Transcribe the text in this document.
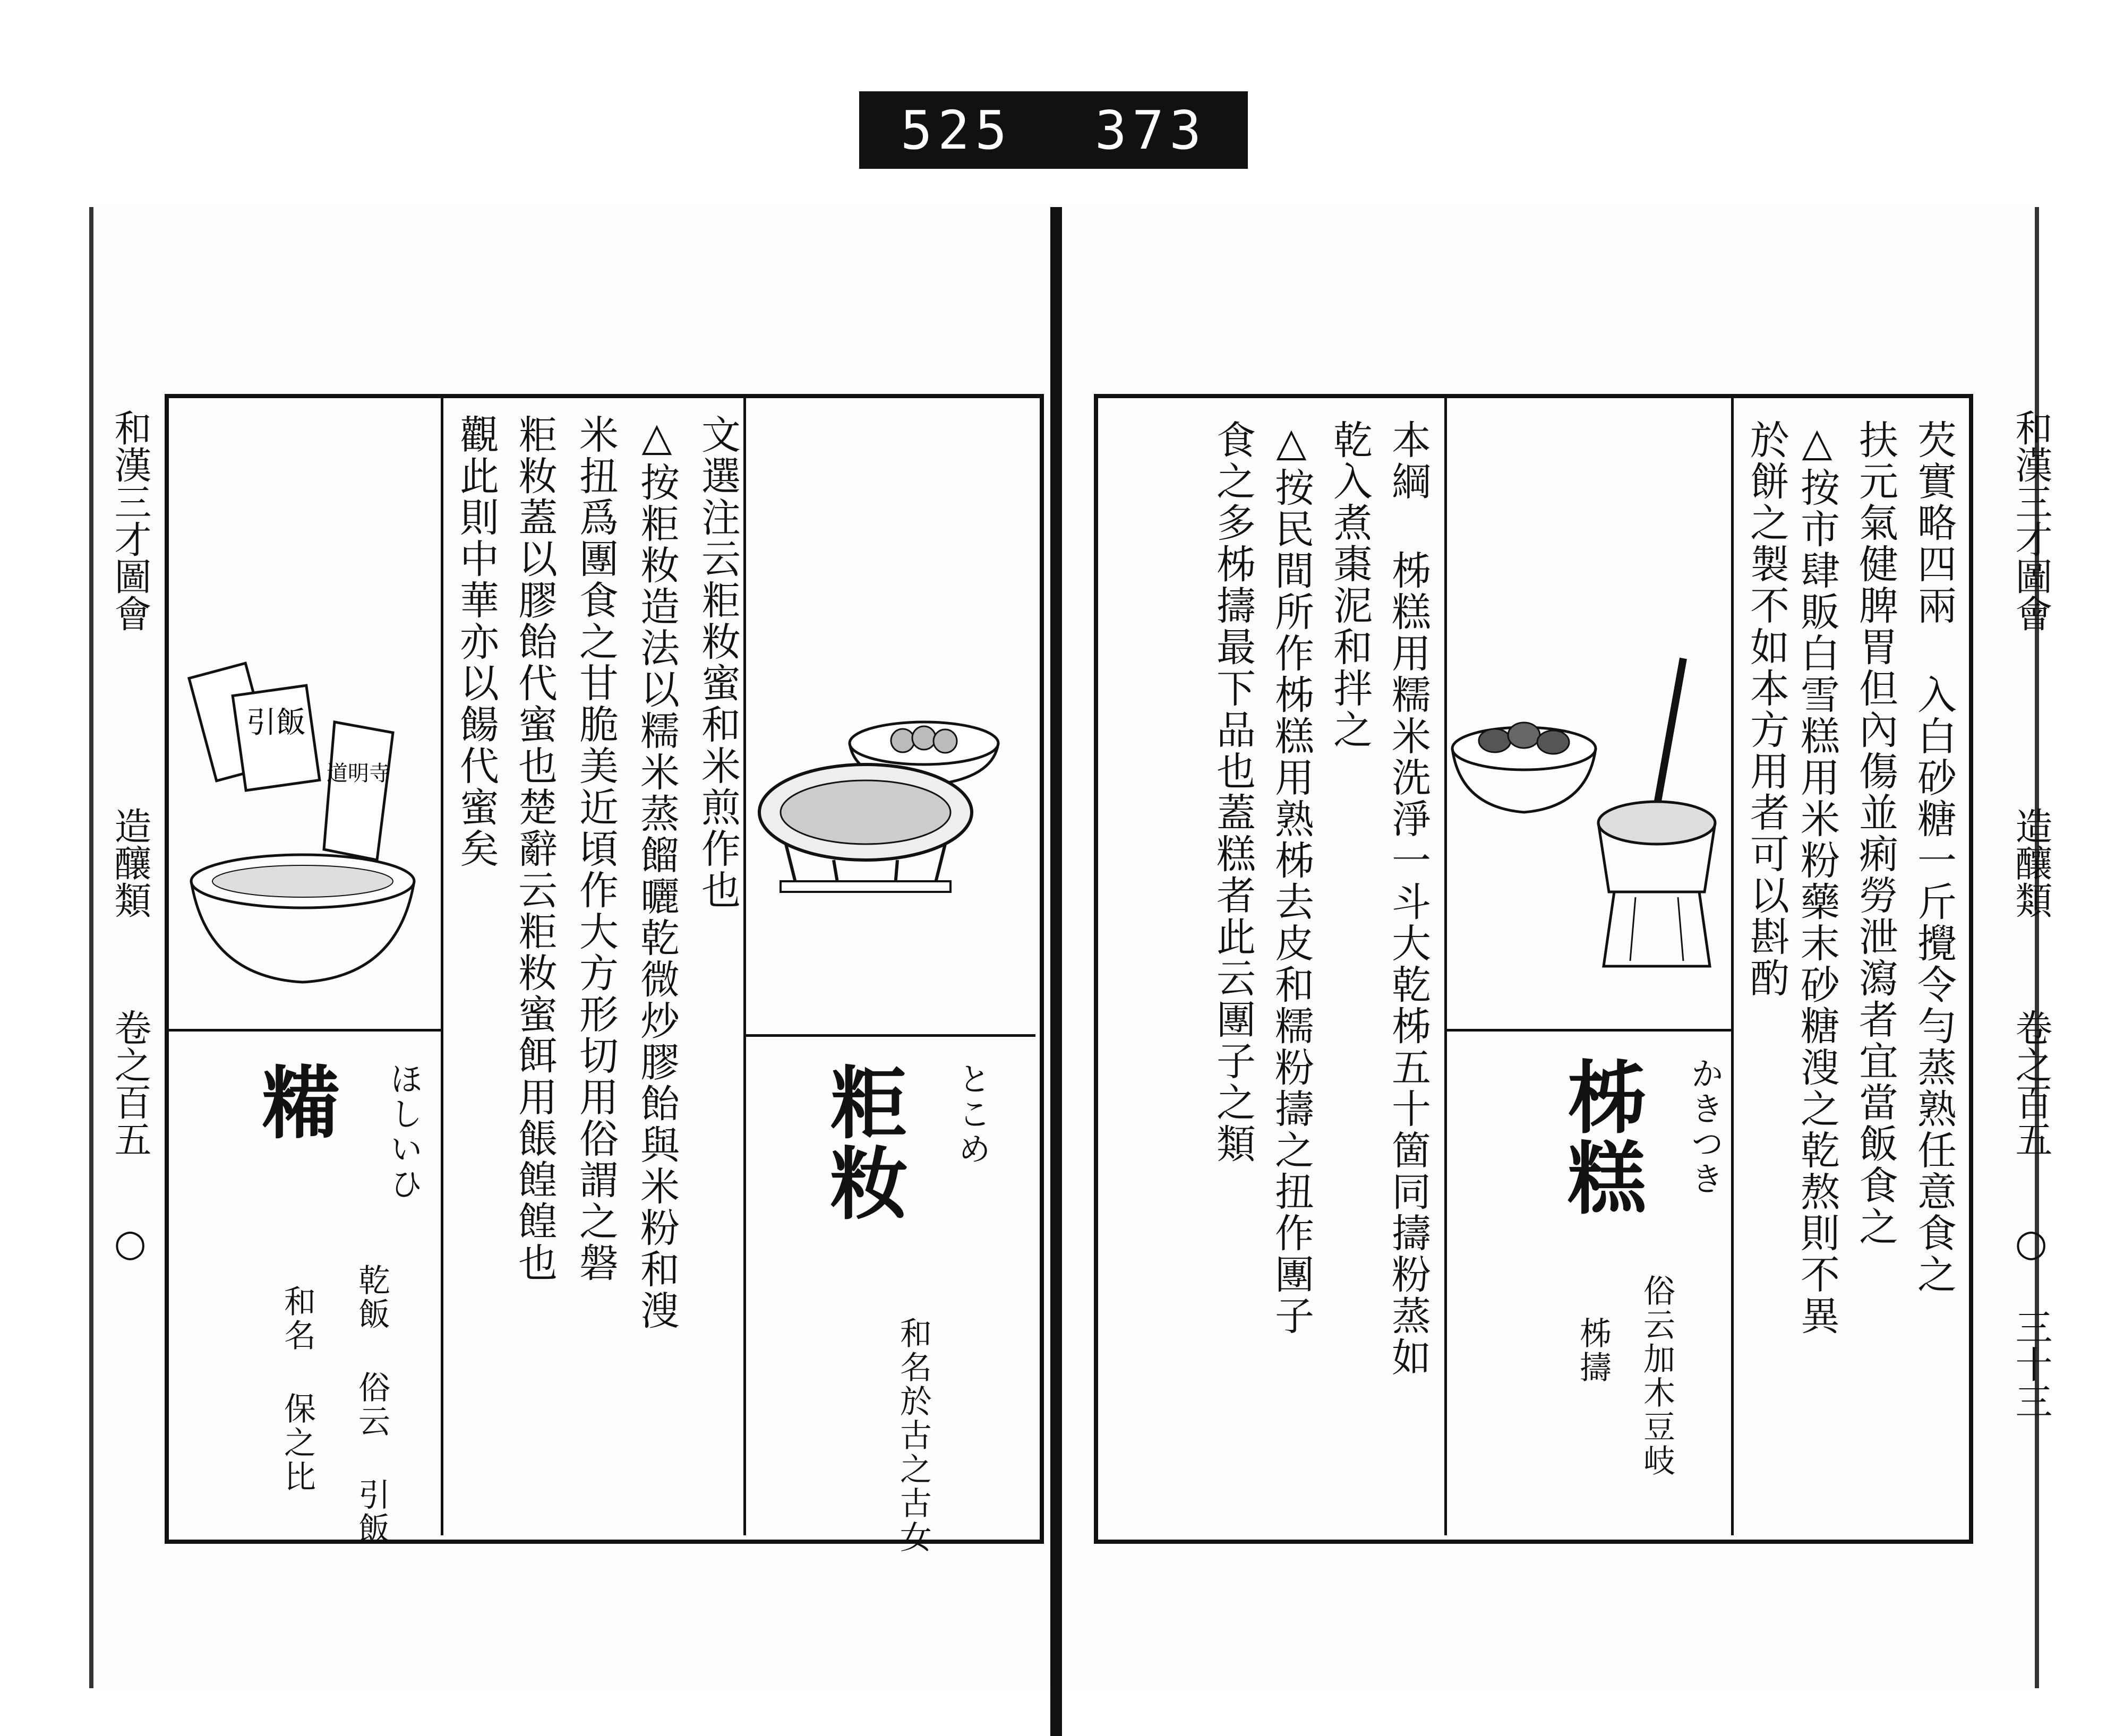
525 373
和漢三才圖會
造釀類
卷之百五
○
文選注云粔籹蜜和米煎作也
△按粔籹造法以糯米蒸餾曬乾微炒膠飴與米粉和溲
米扭爲團食之甘脆美近頃作大方形切用俗謂之磐
粔籹蓋以膠飴代蜜也楚辭云粔籹蜜餌用餦餭餭也
觀此則中華亦以餳代蜜矣
粔籹 とこめ
和名於古之古女
糒 ほしいひ
乾飯 俗云 引飯
和名 保之比
引飯
道明寺
和漢三才圖會
造釀類
卷之百五
○ 三十三
芡實略四兩 入白砂糖一斤攪令勻蒸熟任意食之
扶元氣健脾胃但內傷並痢勞泄瀉者宜當飯食之
△按市肆販白雪糕用米粉藥末砂糖溲之乾熬則不異
於餅之製不如本方用者可以斟酌
本綱 柹糕用糯米洗淨一斗大乾柹五十箇同擣粉蒸如
乾入煮棗泥和拌之
△按民間所作柹糕用熟柹去皮和糯粉擣之扭作團子
食之多柹擣最下品也蓋糕者此云團子之類	柹糕 かきつき
俗云加木豆岐
柹擣
